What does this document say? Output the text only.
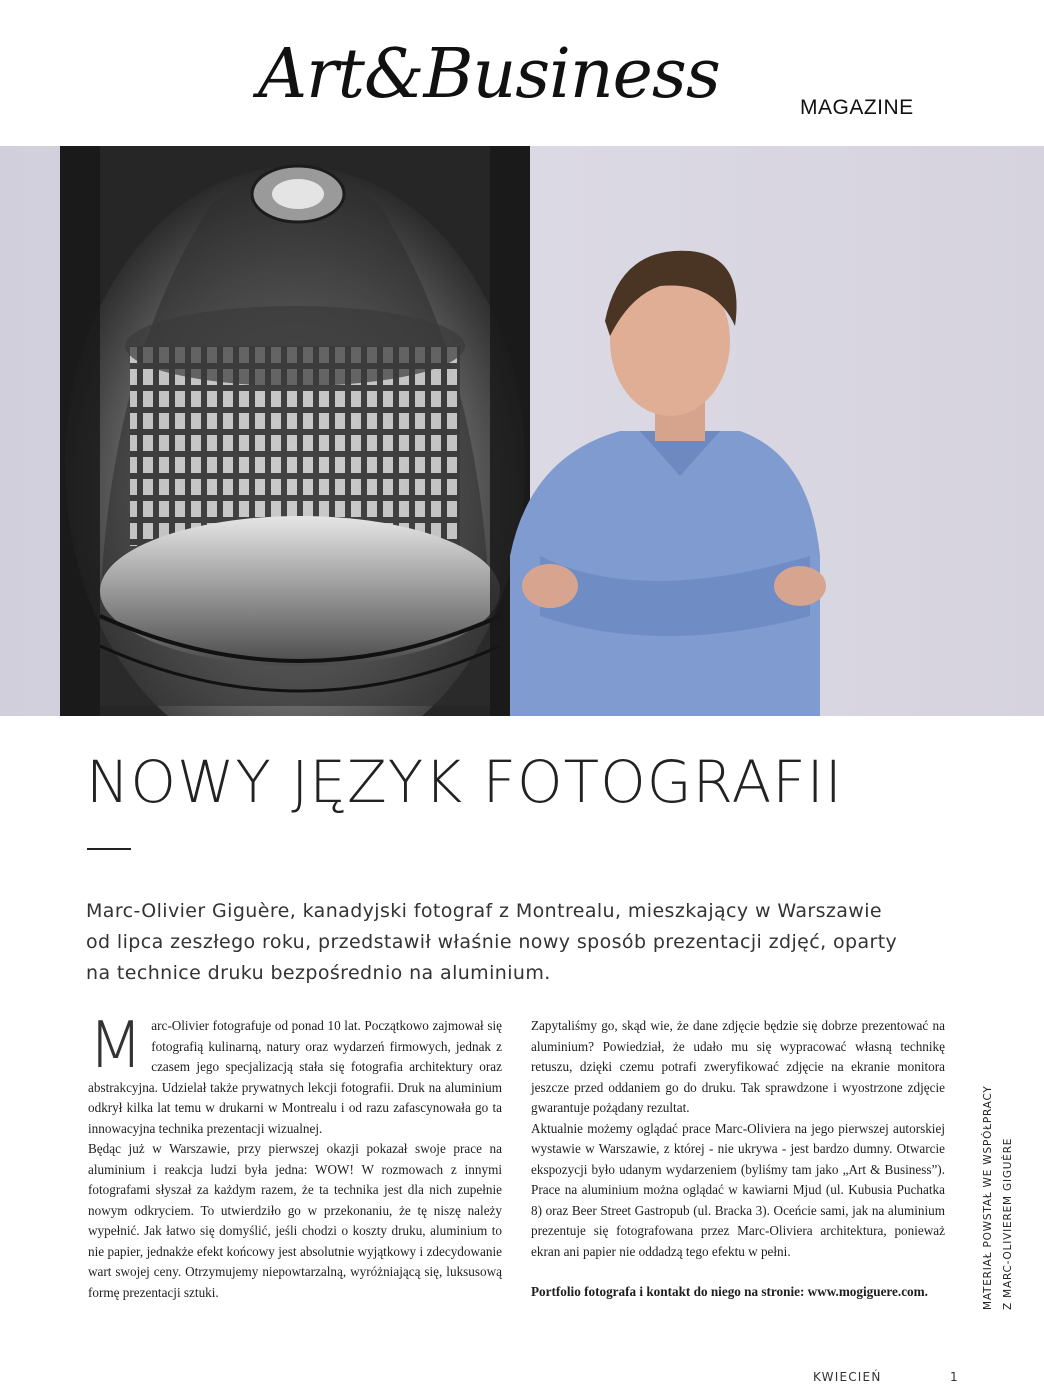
Art&Business	MAGAZINE
NOWY JĘZYK FOTOGRAFII
Marc-Olivier Giguère, kanadyjski fotograf z Montrealu, mieszkający w Warszawie od lipca zeszłego roku, przedstawił właśnie nowy sposób prezentacji zdjęć, oparty na technice druku bezpośrednio na aluminium.

Marc-Olivier fotografuje od ponad 10 lat. Początkowo zajmował się fotografią kulinarną, natury oraz wydarzeń firmowych, jednak z czasem jego specjalizacją stała się fotografia architektury oraz abstrakcyjna. Udzielał także prywatnych lekcji fotografii. Druk na aluminium odkrył kilka lat temu w drukarni w Montrealu i od razu zafascynowała go ta innowacyjna technika prezentacji wizualnej.

Będąc już w Warszawie, przy pierwszej okazji pokazał swoje prace na aluminium i reakcja ludzi była jedna: WOW! W rozmowach z innymi fotografami słyszał za każdym razem, że ta technika jest dla nich zupełnie nowym odkryciem. To utwierdziło go w przekonaniu, że tę niszę należy wypełnić. Jak łatwo się domyślić, jeśli chodzi o koszty druku, aluminium to nie papier, jednakże efekt końcowy jest absolutnie wyjątkowy i zdecydowanie wart swojej ceny. Otrzymujemy niepowtarzalną, wyróżniającą się, luksusową formę prezentacji sztuki.

Zapytaliśmy go, skąd wie, że dane zdjęcie będzie się dobrze prezentować na aluminium? Powiedział, że udało mu się wypracować własną technikę retuszu, dzięki czemu potrafi zweryfikować zdjęcie na ekranie monitora jeszcze przed oddaniem go do druku. Tak sprawdzone i wyostrzone zdjęcie gwarantuje pożądany rezultat.

Aktualnie możemy oglądać prace Marc-Oliviera na jego pierwszej autorskiej wystawie w Warszawie, z której - nie ukrywa - jest bardzo dumny. Otwarcie ekspozycji było udanym wydarzeniem (byliśmy tam jako „Art & Business”). Prace na aluminium można oglądać w kawiarni Mjud (ul. Kubusia Puchatka 8) oraz Beer Street Gastropub (ul. Bracka 3). Oceńcie sami, jak na aluminium prezentuje się fotografowana przez Marc-Oliviera architektura, ponieważ ekran ani papier nie oddadzą tego efektu w pełni.

Portfolio fotografa i kontakt do niego na stronie: www.mogiguere.com.	MATERIAŁ POWSTAŁ WE WSPÓŁPRACY Z MARC-OLIVIEREM GIGUÈRE
KWIECIEŃ	1
